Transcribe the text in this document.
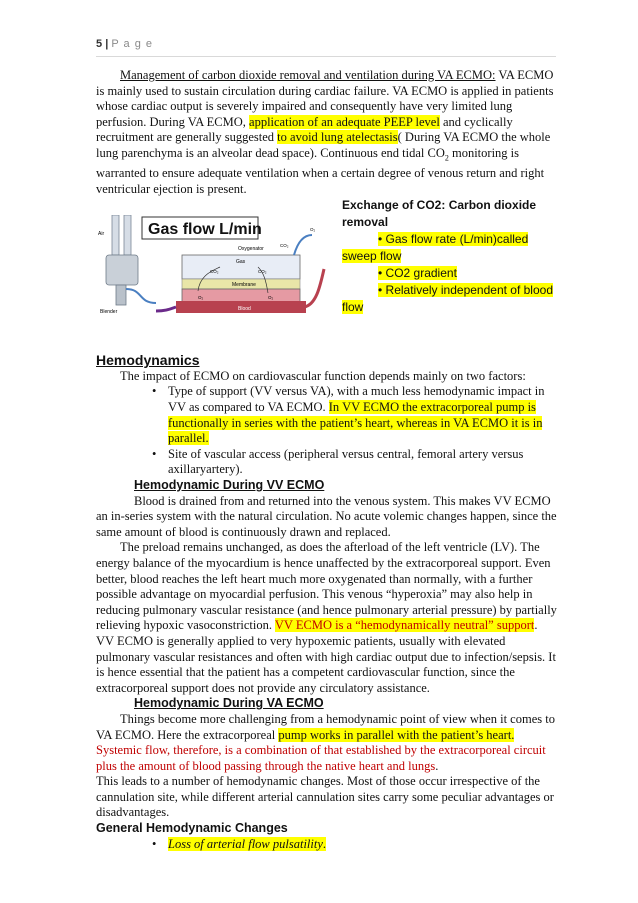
5 | P a g e

Management of carbon dioxide removal and ventilation during VA ECMO: VA ECMO is mainly used to sustain circulation during cardiac failure. VA ECMO is applied in patients whose cardiac output is severely impaired and consequently have very limited lung perfusion. During VA ECMO, application of an adequate PEEP level and cyclically recruitment are generally suggested to avoid lung atelectasis( During VA ECMO the whole lung parenchyma is an alveolar dead space). Continuous end tidal $CO_2$ monitoring is warranted to ensure adequate ventilation when a certain degree of venous return and right ventricular ejection is present.

Air
Blender
Gas flow L/min
Oxygenator
Gas
Membrane
Blood
CO₂
O₂
CO₂
O₂
CO₂
O₂
Exchange of CO2: Carbon dioxide
removal
• Gas flow rate (L/min)called
sweep flow
• CO2 gradient
• Relatively independent of blood
flow
Hemodynamics

The impact of ECMO on cardiovascular function depends mainly on two factors:

• Type of support (VV versus VA), with a much less hemodynamic impact in VV as compared to VA ECMO. In VV ECMO the extracorporeal pump is functionally in series with the patient’s heart, whereas in VA ECMO it is in parallel.
• Site of vascular access (peripheral versus central, femoral artery versus axillaryartery).
Hemodynamic During VV ECMO

Blood is drained from and returned into the venous system. This makes VV ECMO an in-series system with the natural circulation. No acute volemic changes happen, since the same amount of blood is continuously drawn and replaced.

The preload remains unchanged, as does the afterload of the left ventricle (LV). The energy balance of the myocardium is hence unaffected by the extracorporeal support. Even better, blood reaches the left heart much more oxygenated than normally, with a further possible advantage on myocardial perfusion. This venous “hyperoxia” may also help in reducing pulmonary vascular resistance (and hence pulmonary arterial pressure) by partially relieving hypoxic vasoconstriction. VV ECMO is a “hemodynamically neutral” support.

VV ECMO is generally applied to very hypoxemic patients, usually with elevated pulmonary vascular resistances and often with high cardiac output due to infection/sepsis. It is hence essential that the patient has a competent cardiovascular function, since the extracorporeal support does not provide any circulatory assistance.

Hemodynamic During VA ECMO

Things become more challenging from a hemodynamic point of view when it comes to VA ECMO. Here the extracorporeal pump works in parallel with the patient’s heart. Systemic flow, therefore, is a combination of that established by the extracorporeal circuit plus the amount of blood passing through the native heart and lungs.

This leads to a number of hemodynamic changes. Most of those occur irrespective of the cannulation site, while different arterial cannulation sites carry some peculiar advantages or disadvantages.

General Hemodynamic Changes
• Loss of arterial flow pulsatility.
